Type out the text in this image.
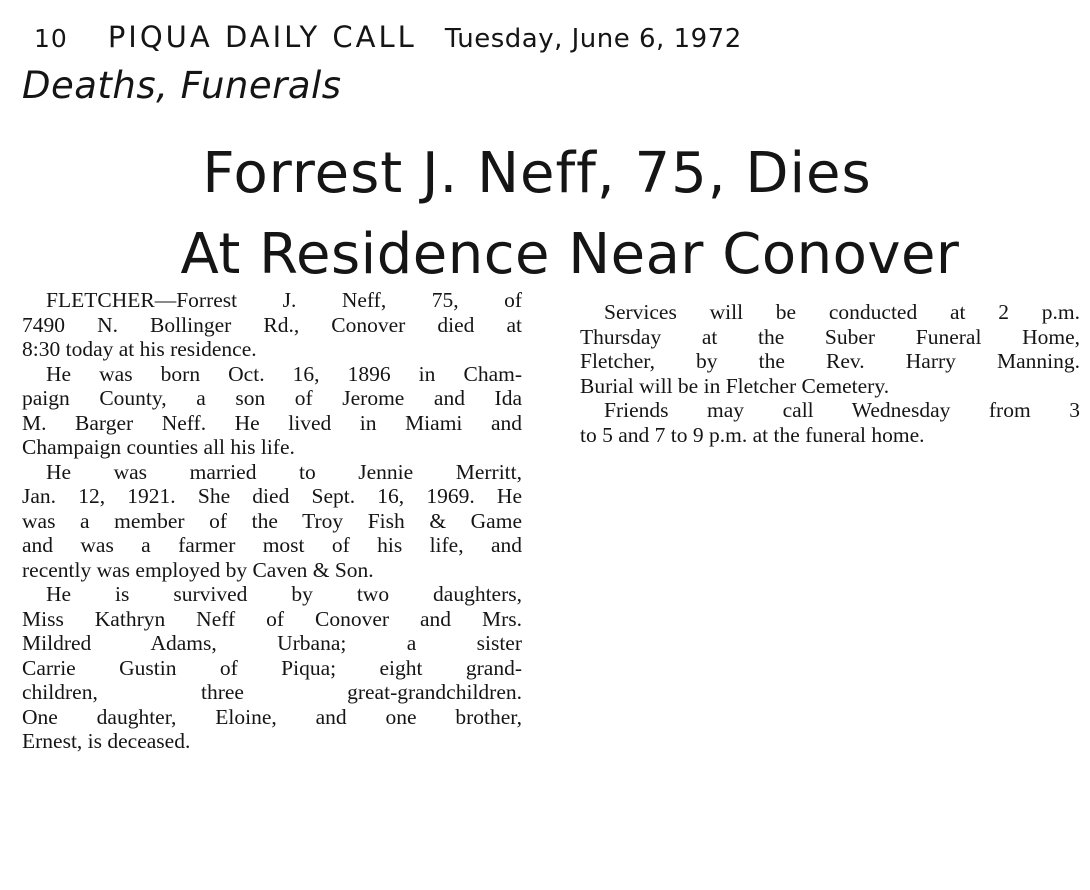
10 PIQUA DAILY CALL Tuesday, June 6, 1972
Deaths, Funerals
Forrest J. Neff, 75, Dies
At Residence Near Conover
FLETCHER—Forrest J. Neff, 75, of
7490 N. Bollinger Rd., Conover died at
8:30 today at his residence.
He was born Oct. 16, 1896 in Cham-
paign County, a son of Jerome and Ida
M. Barger Neff. He lived in Miami and
Champaign counties all his life.
He was married to Jennie Merritt,
Jan. 12, 1921. She died Sept. 16, 1969. He
was a member of the Troy Fish & Game
and was a farmer most of his life, and
recently was employed by Caven & Son.
He is survived by two daughters,
Miss Kathryn Neff of Conover and Mrs.
Mildred Adams, Urbana; a sister
Carrie Gustin of Piqua; eight grand-
children, three great-grandchildren.
One daughter, Eloine, and one brother,
Ernest, is deceased.
Services will be conducted at 2 p.m.
Thursday at the Suber Funeral Home,
Fletcher, by the Rev. Harry Manning.
Burial will be in Fletcher Cemetery.
Friends may call Wednesday from 3
to 5 and 7 to 9 p.m. at the funeral home.
